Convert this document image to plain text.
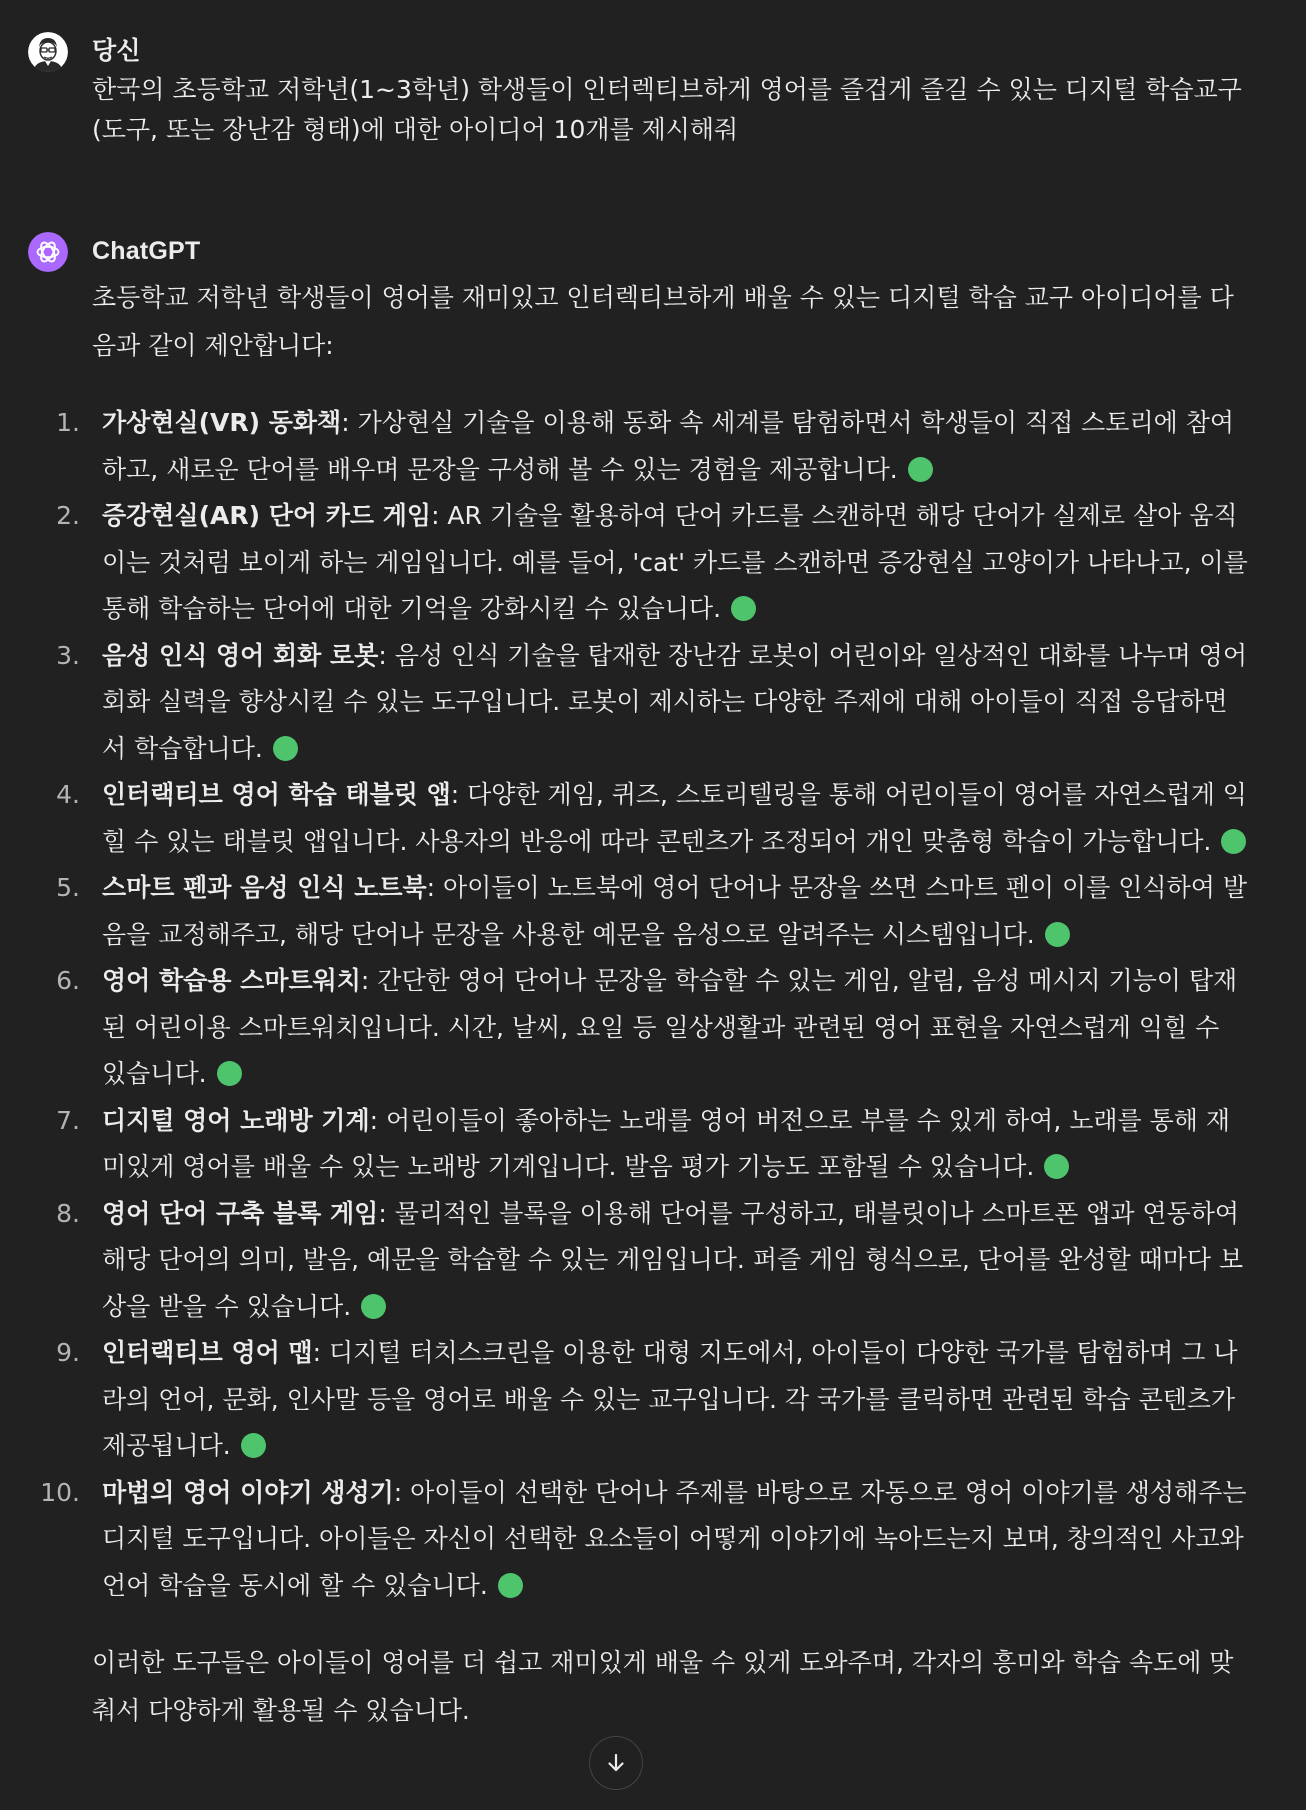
당신
한국의 초등학교 저학년(1~3학년) 학생들이 인터렉티브하게 영어를 즐겁게 즐길 수 있는 디지털 학습교구(도구, 또는 장난감 형태)에 대한 아이디어 10개를 제시해줘
ChatGPT

초등학교 저학년 학생들이 영어를 재미있고 인터렉티브하게 배울 수 있는 디지털 학습 교구 아이디어를 다음과 같이 제안합니다:

1. 가상현실(VR) 동화책: 가상현실 기술을 이용해 동화 속 세계를 탐험하면서 학생들이 직접 스토리에 참여하고, 새로운 단어를 배우며 문장을 구성해 볼 수 있는 경험을 제공합니다.
2. 증강현실(AR) 단어 카드 게임: AR 기술을 활용하여 단어 카드를 스캔하면 해당 단어가 실제로 살아 움직이는 것처럼 보이게 하는 게임입니다. 예를 들어, 'cat' 카드를 스캔하면 증강현실 고양이가 나타나고, 이를 통해 학습하는 단어에 대한 기억을 강화시킬 수 있습니다.
3. 음성 인식 영어 회화 로봇: 음성 인식 기술을 탑재한 장난감 로봇이 어린이와 일상적인 대화를 나누며 영어 회화 실력을 향상시킬 수 있는 도구입니다. 로봇이 제시하는 다양한 주제에 대해 아이들이 직접 응답하면서 학습합니다.
4. 인터랙티브 영어 학습 태블릿 앱: 다양한 게임, 퀴즈, 스토리텔링을 통해 어린이들이 영어를 자연스럽게 익힐 수 있는 태블릿 앱입니다. 사용자의 반응에 따라 콘텐츠가 조정되어 개인 맞춤형 학습이 가능합니다.
5. 스마트 펜과 음성 인식 노트북: 아이들이 노트북에 영어 단어나 문장을 쓰면 스마트 펜이 이를 인식하여 발음을 교정해주고, 해당 단어나 문장을 사용한 예문을 음성으로 알려주는 시스템입니다.
6. 영어 학습용 스마트워치: 간단한 영어 단어나 문장을 학습할 수 있는 게임, 알림, 음성 메시지 기능이 탑재된 어린이용 스마트워치입니다. 시간, 날씨, 요일 등 일상생활과 관련된 영어 표현을 자연스럽게 익힐 수 있습니다.
7. 디지털 영어 노래방 기계: 어린이들이 좋아하는 노래를 영어 버전으로 부를 수 있게 하여, 노래를 통해 재미있게 영어를 배울 수 있는 노래방 기계입니다. 발음 평가 기능도 포함될 수 있습니다.
8. 영어 단어 구축 블록 게임: 물리적인 블록을 이용해 단어를 구성하고, 태블릿이나 스마트폰 앱과 연동하여 해당 단어의 의미, 발음, 예문을 학습할 수 있는 게임입니다. 퍼즐 게임 형식으로, 단어를 완성할 때마다 보상을 받을 수 있습니다.
9. 인터랙티브 영어 맵: 디지털 터치스크린을 이용한 대형 지도에서, 아이들이 다양한 국가를 탐험하며 그 나라의 언어, 문화, 인사말 등을 영어로 배울 수 있는 교구입니다. 각 국가를 클릭하면 관련된 학습 콘텐츠가 제공됩니다.
10. 마법의 영어 이야기 생성기: 아이들이 선택한 단어나 주제를 바탕으로 자동으로 영어 이야기를 생성해주는 디지털 도구입니다. 아이들은 자신이 선택한 요소들이 어떻게 이야기에 녹아드는지 보며, 창의적인 사고와 언어 학습을 동시에 할 수 있습니다.

이러한 도구들은 아이들이 영어를 더 쉽고 재미있게 배울 수 있게 도와주며, 각자의 흥미와 학습 속도에 맞춰서 다양하게 활용될 수 있습니다.
